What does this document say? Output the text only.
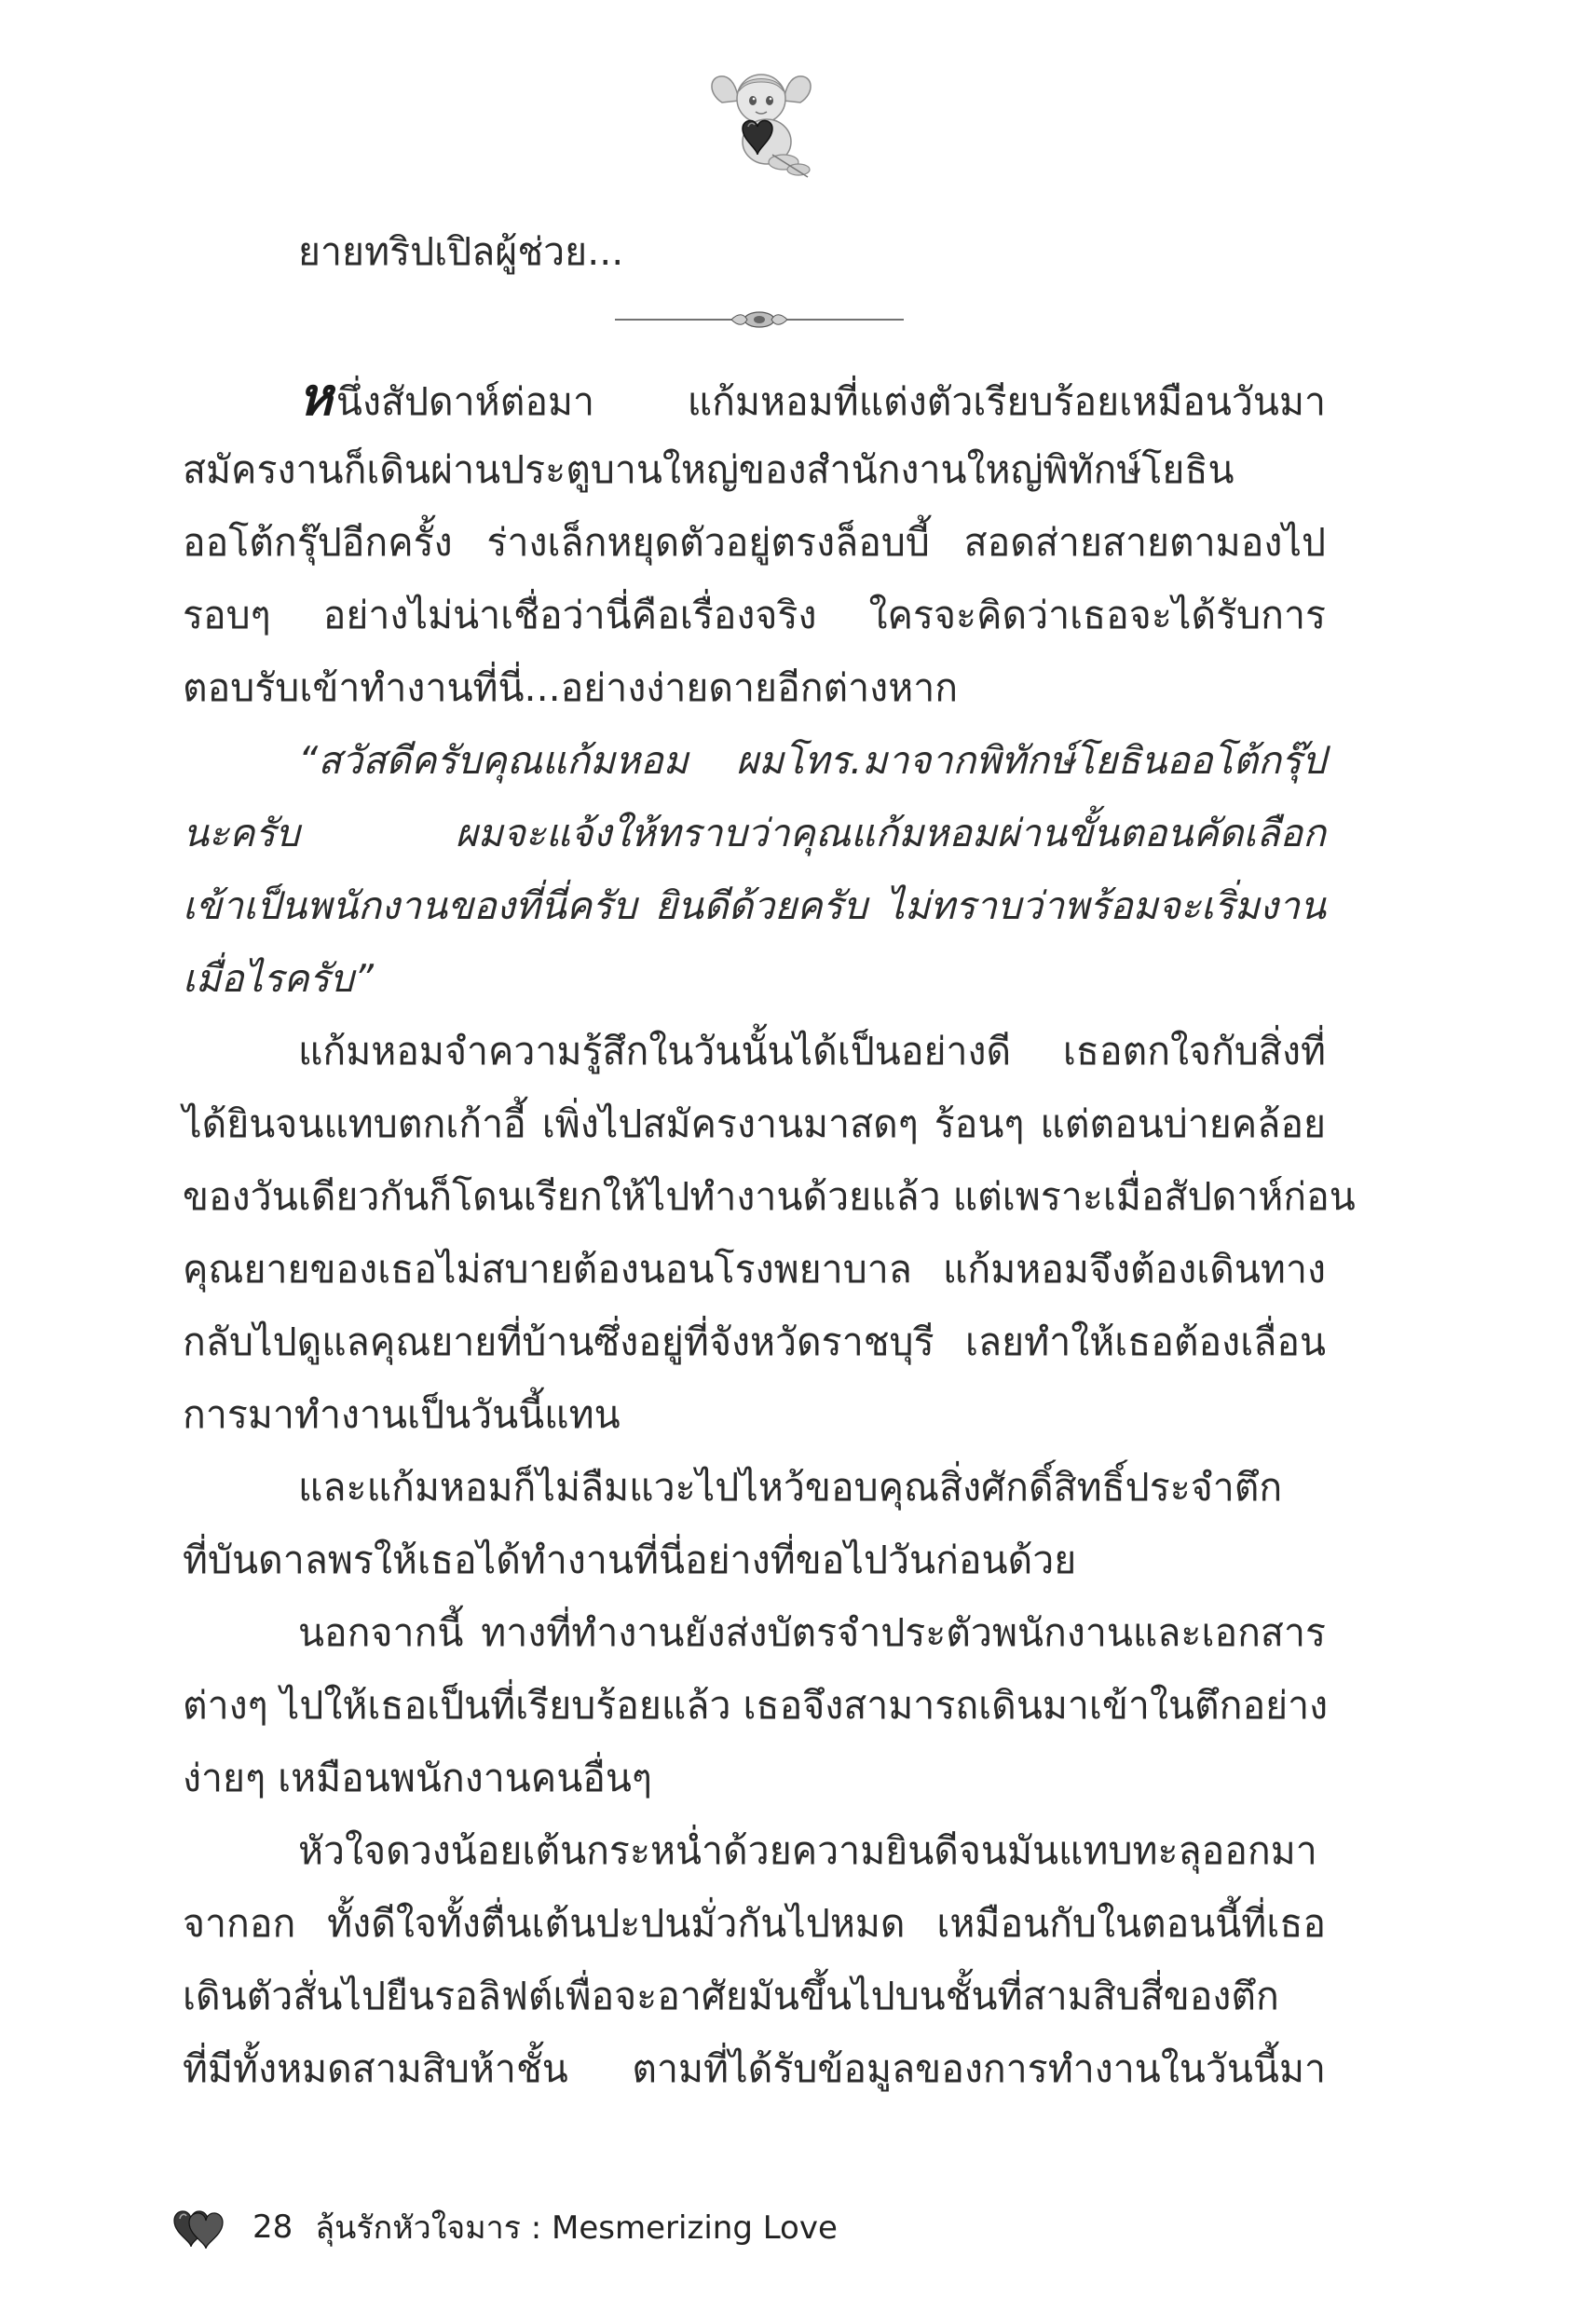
ยายทริปเปิลผู้ช่วย...
หนึ่งสัปดาห์ต่อมา แก้มหอมที่แต่งตัวเรียบร้อยเหมือนวันมา
สมัครงานก็เดินผ่านประตูบานใหญ่ของสำนักงานใหญ่พิทักษ์โยธิน
ออโต้กรุ๊ปอีกครั้ง ร่างเล็กหยุดตัวอยู่ตรงล็อบบี้ สอดส่ายสายตามองไป
รอบๆ อย่างไม่น่าเชื่อว่านี่คือเรื่องจริง ใครจะคิดว่าเธอจะได้รับการ
ตอบรับเข้าทำงานที่นี่...อย่างง่ายดายอีกต่างหาก
“สวัสดีครับคุณแก้มหอม ผมโทร.มาจากพิทักษ์โยธินออโต้กรุ๊ป
นะครับ ผมจะแจ้งให้ทราบว่าคุณแก้มหอมผ่านขั้นตอนคัดเลือก
เข้าเป็นพนักงานของที่นี่ครับ ยินดีด้วยครับ ไม่ทราบว่าพร้อมจะเริ่มงาน
เมื่อไรครับ”
แก้มหอมจำความรู้สึกในวันนั้นได้เป็นอย่างดี เธอตกใจกับสิ่งที่
ได้ยินจนแทบตกเก้าอี้ เพิ่งไปสมัครงานมาสดๆ ร้อนๆ แต่ตอนบ่ายคล้อย
ของวันเดียวกันก็โดนเรียกให้ไปทำงานด้วยแล้ว แต่เพราะเมื่อสัปดาห์ก่อน
คุณยายของเธอไม่สบายต้องนอนโรงพยาบาล แก้มหอมจึงต้องเดินทาง
กลับไปดูแลคุณยายที่บ้านซึ่งอยู่ที่จังหวัดราชบุรี เลยทำให้เธอต้องเลื่อน
การมาทำงานเป็นวันนี้แทน
และแก้มหอมก็ไม่ลืมแวะไปไหว้ขอบคุณสิ่งศักดิ์สิทธิ์ประจำตึก
ที่บันดาลพรให้เธอได้ทำงานที่นี่อย่างที่ขอไปวันก่อนด้วย
นอกจากนี้ ทางที่ทำงานยังส่งบัตรจำประตัวพนักงานและเอกสาร
ต่างๆ ไปให้เธอเป็นที่เรียบร้อยแล้ว เธอจึงสามารถเดินมาเข้าในตึกอย่าง
ง่ายๆ เหมือนพนักงานคนอื่นๆ
หัวใจดวงน้อยเต้นกระหน่ำด้วยความยินดีจนมันแทบทะลุออกมา
จากอก ทั้งดีใจทั้งตื่นเต้นปะปนมั่วกันไปหมด เหมือนกับในตอนนี้ที่เธอ
เดินตัวสั่นไปยืนรอลิฟต์เพื่อจะอาศัยมันขึ้นไปบนชั้นที่สามสิบสี่ของตึก
ที่มีทั้งหมดสามสิบห้าชั้น ตามที่ได้รับข้อมูลของการทำงานในวันนี้มา
28 ลุ้นรักหัวใจมาร : Mesmerizing Love
